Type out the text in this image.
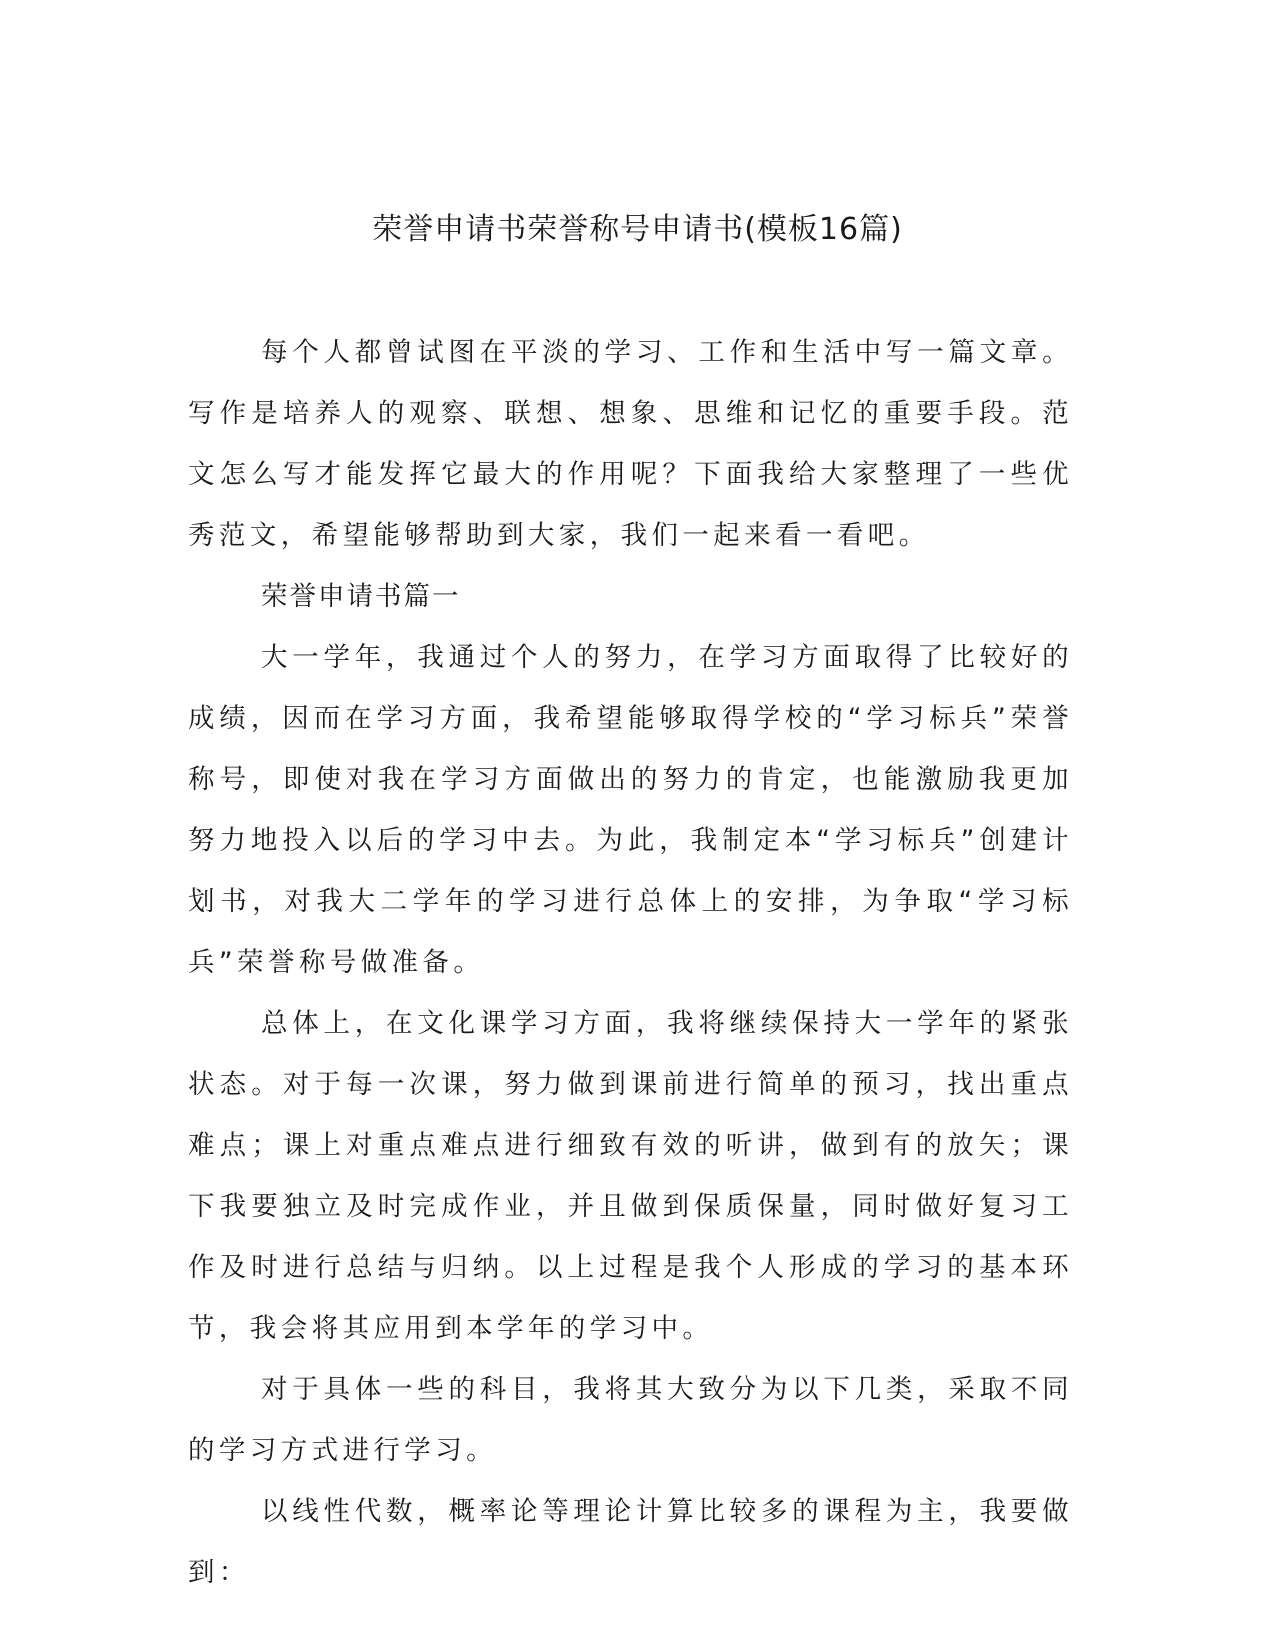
荣誉申请书荣誉称号申请书(模板16篇)

每个人都曾试图在平淡的学习、工作和生活中写一篇文章。写作是培养人的观察、联想、想象、思维和记忆的重要手段。范文怎么写才能发挥它最大的作用呢？下面我给大家整理了一些优秀范文，希望能够帮助到大家，我们一起来看一看吧。

荣誉申请书篇一

大一学年，我通过个人的努力，在学习方面取得了比较好的成绩，因而在学习方面，我希望能够取得学校的“学习标兵”荣誉称号，即使对我在学习方面做出的努力的肯定，也能激励我更加努力地投入以后的学习中去。为此，我制定本“学习标兵”创建计划书，对我大二学年的学习进行总体上的安排，为争取“学习标兵”荣誉称号做准备。

总体上，在文化课学习方面，我将继续保持大一学年的紧张状态。对于每一次课，努力做到课前进行简单的预习，找出重点难点；课上对重点难点进行细致有效的听讲，做到有的放矢；课下我要独立及时完成作业，并且做到保质保量，同时做好复习工作及时进行总结与归纳。以上过程是我个人形成的学习的基本环节，我会将其应用到本学年的学习中。

对于具体一些的科目，我将其大致分为以下几类，采取不同的学习方式进行学习。

以线性代数，概率论等理论计算比较多的课程为主，我要做到：
